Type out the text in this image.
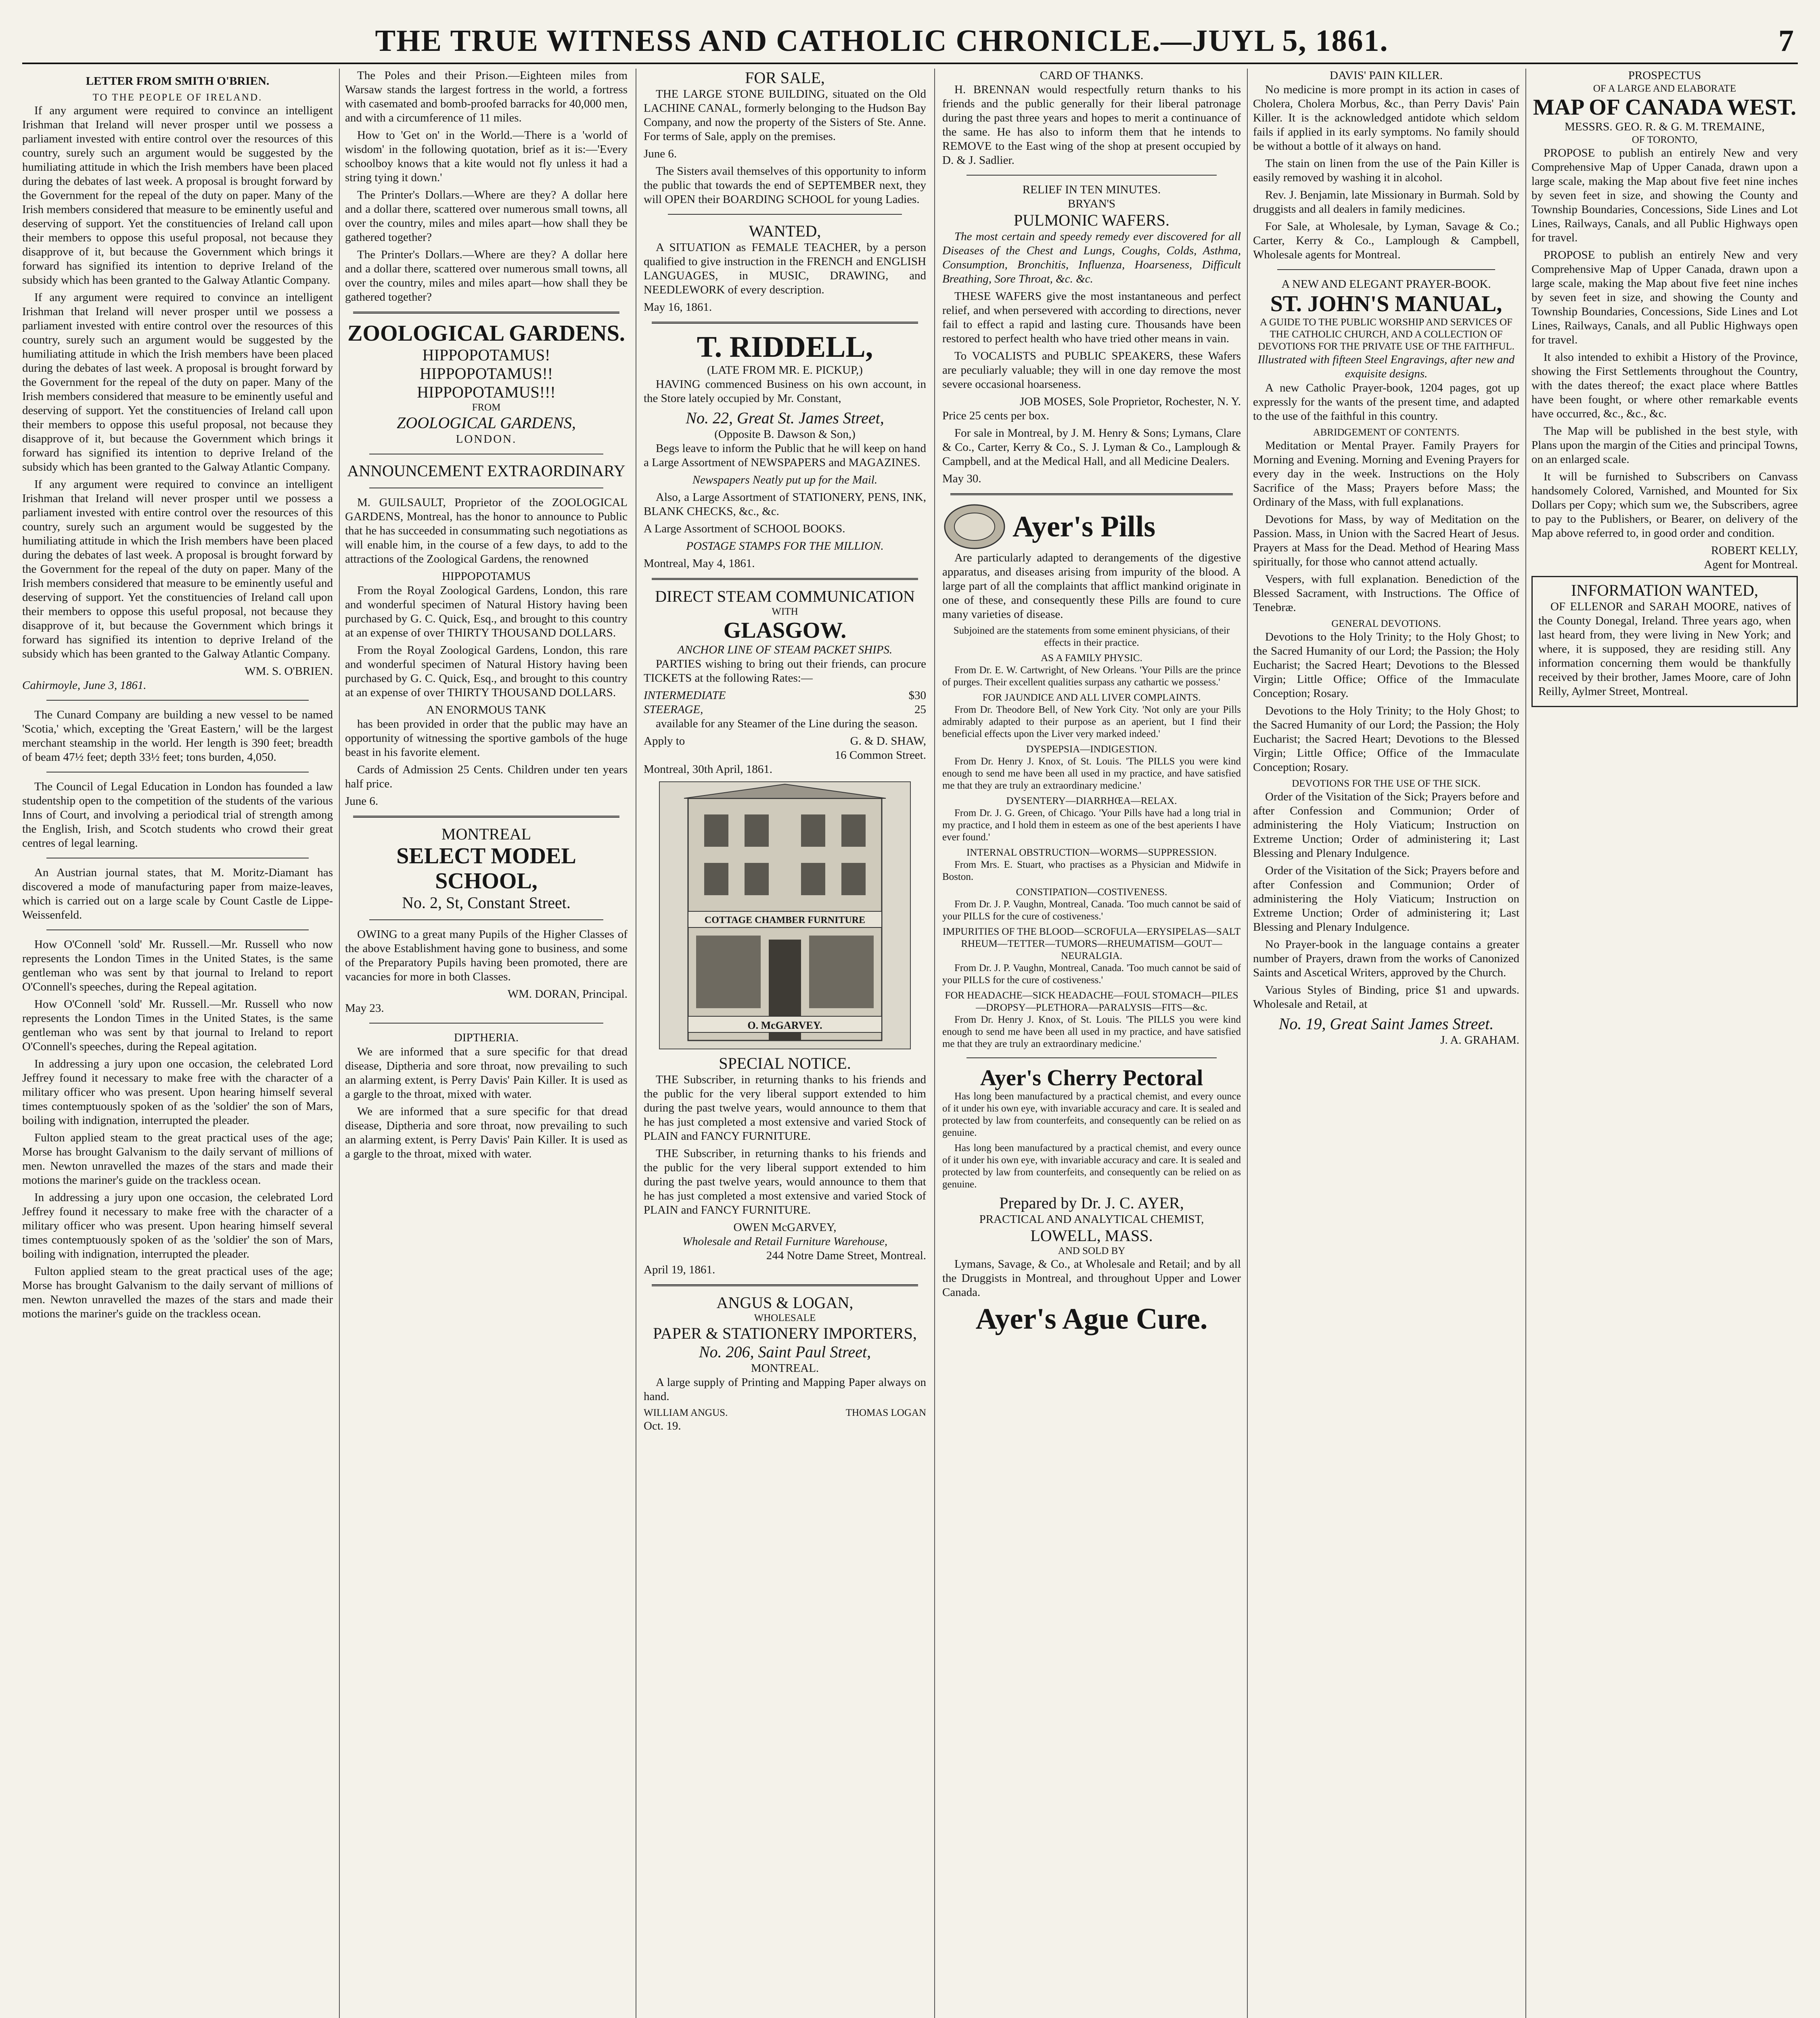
THE TRUE WITNESS AND CATHOLIC CHRONICLE.—JUYL 5, 1861.	7
LETTER FROM SMITH O'BRIEN.
TO THE PEOPLE OF IRELAND.

If any argument were required to convince an intelligent Irishman that Ireland will never prosper until we possess a parliament invested with entire control over the resources of this country, surely such an argument would be suggested by the humiliating attitude in which the Irish members have been placed during the debates of last week. A proposal is brought forward by the Government for the repeal of the duty on paper. Many of the Irish members considered that measure to be eminently useful and deserving of support. Yet the constituencies of Ireland call upon their members to oppose this useful proposal, not because they disapprove of it, but because the Government which brings it forward has signified its intention to deprive Ireland of the subsidy which has been granted to the Galway Atlantic Company.

If any argument were required to convince an intelligent Irishman that Ireland will never prosper until we possess a parliament invested with entire control over the resources of this country, surely such an argument would be suggested by the humiliating attitude in which the Irish members have been placed during the debates of last week. A proposal is brought forward by the Government for the repeal of the duty on paper. Many of the Irish members considered that measure to be eminently useful and deserving of support. Yet the constituencies of Ireland call upon their members to oppose this useful proposal, not because they disapprove of it, but because the Government which brings it forward has signified its intention to deprive Ireland of the subsidy which has been granted to the Galway Atlantic Company.

If any argument were required to convince an intelligent Irishman that Ireland will never prosper until we possess a parliament invested with entire control over the resources of this country, surely such an argument would be suggested by the humiliating attitude in which the Irish members have been placed during the debates of last week. A proposal is brought forward by the Government for the repeal of the duty on paper. Many of the Irish members considered that measure to be eminently useful and deserving of support. Yet the constituencies of Ireland call upon their members to oppose this useful proposal, not because they disapprove of it, but because the Government which brings it forward has signified its intention to deprive Ireland of the subsidy which has been granted to the Galway Atlantic Company.

WM. S. O'BRIEN.

Cahirmoyle, June 3, 1861.

The Cunard Company are building a new vessel to be named 'Scotia,' which, excepting the 'Great Eastern,' will be the largest merchant steamship in the world. Her length is 390 feet; breadth of beam 47½ feet; depth 33½ feet; tons burden, 4,050.

The Council of Legal Education in London has founded a law studentship open to the competition of the students of the various Inns of Court, and involving a periodical trial of strength among the English, Irish, and Scotch students who crowd their great centres of legal learning.

An Austrian journal states, that M. Moritz-Diamant has discovered a mode of manufacturing paper from maize-leaves, which is carried out on a large scale by Count Castle de Lippe-Weissenfeld.

How O'Connell 'sold' Mr. Russell.—Mr. Russell who now represents the London Times in the United States, is the same gentleman who was sent by that journal to Ireland to report O'Connell's speeches, during the Repeal agitation.

How O'Connell 'sold' Mr. Russell.—Mr. Russell who now represents the London Times in the United States, is the same gentleman who was sent by that journal to Ireland to report O'Connell's speeches, during the Repeal agitation.

In addressing a jury upon one occasion, the celebrated Lord Jeffrey found it necessary to make free with the character of a military officer who was present. Upon hearing himself several times contemptuously spoken of as the 'soldier' the son of Mars, boiling with indignation, interrupted the pleader.

Fulton applied steam to the great practical uses of the age; Morse has brought Galvanism to the daily servant of millions of men. Newton unravelled the mazes of the stars and made their motions the mariner's guide on the trackless ocean.

In addressing a jury upon one occasion, the celebrated Lord Jeffrey found it necessary to make free with the character of a military officer who was present. Upon hearing himself several times contemptuously spoken of as the 'soldier' the son of Mars, boiling with indignation, interrupted the pleader.

Fulton applied steam to the great practical uses of the age; Morse has brought Galvanism to the daily servant of millions of men. Newton unravelled the mazes of the stars and made their motions the mariner's guide on the trackless ocean.

The Poles and their Prison.—Eighteen miles from Warsaw stands the largest fortress in the world, a fortress with casemated and bomb-proofed barracks for 40,000 men, and with a circumference of 11 miles.

How to 'Get on' in the World.—There is a 'world of wisdom' in the following quotation, brief as it is:—'Every schoolboy knows that a kite would not fly unless it had a string tying it down.'

The Printer's Dollars.—Where are they? A dollar here and a dollar there, scattered over numerous small towns, all over the country, miles and miles apart—how shall they be gathered together?

The Printer's Dollars.—Where are they? A dollar here and a dollar there, scattered over numerous small towns, all over the country, miles and miles apart—how shall they be gathered together?

ZOOLOGICAL GARDENS.
HIPPOPOTAMUS!
HIPPOPOTAMUS!!
HIPPOPOTAMUS!!!
FROM
ZOOLOGICAL GARDENS,
LONDON.
ANNOUNCEMENT EXTRAORDINARY

M. GUILSAULT, Proprietor of the ZOOLOGICAL GARDENS, Montreal, has the honor to announce to Public that he has succeeded in consummating such negotiations as will enable him, in the course of a few days, to add to the attractions of the Zoological Gardens, the renowned

HIPPOPOTAMUS

From the Royal Zoological Gardens, London, this rare and wonderful specimen of Natural History having been purchased by G. C. Quick, Esq., and brought to this country at an expense of over THIRTY THOUSAND DOLLARS.

From the Royal Zoological Gardens, London, this rare and wonderful specimen of Natural History having been purchased by G. C. Quick, Esq., and brought to this country at an expense of over THIRTY THOUSAND DOLLARS.

AN ENORMOUS TANK

has been provided in order that the public may have an opportunity of witnessing the sportive gambols of the huge beast in his favorite element.

Cards of Admission 25 Cents. Children under ten years half price.

June 6.

MONTREAL
SELECT MODEL SCHOOL,
No. 2, St, Constant Street.

OWING to a great many Pupils of the Higher Classes of the above Establishment having gone to business, and some of the Preparatory Pupils having been promoted, there are vacancies for more in both Classes.

WM. DORAN, Principal.

May 23.

DIPTHERIA.

We are informed that a sure specific for that dread disease, Diptheria and sore throat, now prevailing to such an alarming extent, is Perry Davis' Pain Killer. It is used as a gargle to the throat, mixed with water.

We are informed that a sure specific for that dread disease, Diptheria and sore throat, now prevailing to such an alarming extent, is Perry Davis' Pain Killer. It is used as a gargle to the throat, mixed with water.

FOR SALE,

THE LARGE STONE BUILDING, situated on the Old LACHINE CANAL, formerly belonging to the Hudson Bay Company, and now the property of the Sisters of Ste. Anne. For terms of Sale, apply on the premises.

June 6.

The Sisters avail themselves of this opportunity to inform the public that towards the end of SEPTEMBER next, they will OPEN their BOARDING SCHOOL for young Ladies.

WANTED,

A SITUATION as FEMALE TEACHER, by a person qualified to give instruction in the FRENCH and ENGLISH LANGUAGES, in MUSIC, DRAWING, and NEEDLEWORK of every description.

May 16, 1861.

T. RIDDELL,
(LATE FROM MR. E. PICKUP,)

HAVING commenced Business on his own account, in the Store lately occupied by Mr. Constant,

No. 22, Great St. James Street,
(Opposite B. Dawson & Son,)

Begs leave to inform the Public that he will keep on hand a Large Assortment of NEWSPAPERS and MAGAZINES.

Newspapers Neatly put up for the Mail.

Also, a Large Assortment of STATIONERY, PENS, INK, BLANK CHECKS, &c., &c.

A Large Assortment of SCHOOL BOOKS.

POSTAGE STAMPS FOR THE MILLION.

Montreal, May 4, 1861.

DIRECT STEAM COMMUNICATION
WITH
GLASGOW.
ANCHOR LINE OF STEAM PACKET SHIPS.

PARTIES wishing to bring out their friends, can procure TICKETS at the following Rates:—

INTERMEDIATE	$30
STEERAGE,	25

available for any Steamer of the Line during the season.

Apply to	G. & D. SHAW,
16 Common Street.

Montreal, 30th April, 1861.

COTTAGE CHAMBER FURNITURE
O. McGARVEY.
SPECIAL NOTICE.

THE Subscriber, in returning thanks to his friends and the public for the very liberal support extended to him during the past twelve years, would announce to them that he has just completed a most extensive and varied Stock of PLAIN and FANCY FURNITURE.

THE Subscriber, in returning thanks to his friends and the public for the very liberal support extended to him during the past twelve years, would announce to them that he has just completed a most extensive and varied Stock of PLAIN and FANCY FURNITURE.

OWEN McGARVEY,
Wholesale and Retail Furniture Warehouse,
244 Notre Dame Street, Montreal.

April 19, 1861.

ANGUS & LOGAN,
WHOLESALE
PAPER & STATIONERY IMPORTERS,
No. 206, Saint Paul Street,
MONTREAL.

A large supply of Printing and Mapping Paper always on hand.

WILLIAM ANGUS.	THOMAS LOGAN

Oct. 19.

CARD OF THANKS.

H. BRENNAN would respectfully return thanks to his friends and the public generally for their liberal patronage during the past three years and hopes to merit a continuance of the same. He has also to inform them that he intends to REMOVE to the East wing of the shop at present occupied by D. & J. Sadlier.

RELIEF IN TEN MINUTES.
BRYAN'S
PULMONIC WAFERS.

The most certain and speedy remedy ever discovered for all Diseases of the Chest and Lungs, Coughs, Colds, Asthma, Consumption, Bronchitis, Influenza, Hoarseness, Difficult Breathing, Sore Throat, &c. &c.

THESE WAFERS give the most instantaneous and perfect relief, and when persevered with according to directions, never fail to effect a rapid and lasting cure. Thousands have been restored to perfect health who have tried other means in vain.

To VOCALISTS and PUBLIC SPEAKERS, these Wafers are peculiarly valuable; they will in one day remove the most severe occasional hoarseness.

JOB MOSES, Sole Proprietor, Rochester, N. Y.

Price 25 cents per box.

For sale in Montreal, by J. M. Henry & Sons; Lymans, Clare & Co., Carter, Kerry & Co., S. J. Lyman & Co., Lamplough & Campbell, and at the Medical Hall, and all Medicine Dealers.

May 30.

Ayer's Pills

Are particularly adapted to derangements of the digestive apparatus, and diseases arising from impurity of the blood. A large part of all the complaints that afflict mankind originate in one of these, and consequently these Pills are found to cure many varieties of disease.

Subjoined are the statements from some eminent physicians, of their effects in their practice.

AS A FAMILY PHYSIC.

From Dr. E. W. Cartwright, of New Orleans. 'Your Pills are the prince of purges. Their excellent qualities surpass any cathartic we possess.'

FOR JAUNDICE AND ALL LIVER COMPLAINTS.

From Dr. Theodore Bell, of New York City. 'Not only are your Pills admirably adapted to their purpose as an aperient, but I find their beneficial effects upon the Liver very marked indeed.'

DYSPEPSIA—INDIGESTION.

From Dr. Henry J. Knox, of St. Louis. 'The PILLS you were kind enough to send me have been all used in my practice, and have satisfied me that they are truly an extraordinary medicine.'

DYSENTERY—DIARRHŒA—RELAX.

From Dr. J. G. Green, of Chicago. 'Your Pills have had a long trial in my practice, and I hold them in esteem as one of the best aperients I have ever found.'

INTERNAL OBSTRUCTION—WORMS—SUPPRESSION.

From Mrs. E. Stuart, who practises as a Physician and Midwife in Boston.

CONSTIPATION—COSTIVENESS.

From Dr. J. P. Vaughn, Montreal, Canada. 'Too much cannot be said of your PILLS for the cure of costiveness.'

IMPURITIES OF THE BLOOD—SCROFULA—ERYSIPELAS—SALT RHEUM—TETTER—TUMORS—RHEUMATISM—GOUT—NEURALGIA.

From Dr. J. P. Vaughn, Montreal, Canada. 'Too much cannot be said of your PILLS for the cure of costiveness.'

FOR HEADACHE—SICK HEADACHE—FOUL STOMACH—PILES—DROPSY—PLETHORA—PARALYSIS—FITS—&c.

From Dr. Henry J. Knox, of St. Louis. 'The PILLS you were kind enough to send me have been all used in my practice, and have satisfied me that they are truly an extraordinary medicine.'

Ayer's Cherry Pectoral

Has long been manufactured by a practical chemist, and every ounce of it under his own eye, with invariable accuracy and care. It is sealed and protected by law from counterfeits, and consequently can be relied on as genuine.

Has long been manufactured by a practical chemist, and every ounce of it under his own eye, with invariable accuracy and care. It is sealed and protected by law from counterfeits, and consequently can be relied on as genuine.

Prepared by Dr. J. C. AYER,
PRACTICAL AND ANALYTICAL CHEMIST,
LOWELL, MASS.
AND SOLD BY

Lymans, Savage, & Co., at Wholesale and Retail; and by all the Druggists in Montreal, and throughout Upper and Lower Canada.

Ayer's Ague Cure.
DAVIS' PAIN KILLER.

No medicine is more prompt in its action in cases of Cholera, Cholera Morbus, &c., than Perry Davis' Pain Killer. It is the acknowledged antidote which seldom fails if applied in its early symptoms. No family should be without a bottle of it always on hand.

The stain on linen from the use of the Pain Killer is easily removed by washing it in alcohol.

Rev. J. Benjamin, late Missionary in Burmah. Sold by druggists and all dealers in family medicines.

For Sale, at Wholesale, by Lyman, Savage & Co.; Carter, Kerry & Co., Lamplough & Campbell, Wholesale agents for Montreal.

A NEW AND ELEGANT PRAYER-BOOK.
ST. JOHN'S MANUAL,
A GUIDE TO THE PUBLIC WORSHIP AND SERVICES OF THE CATHOLIC CHURCH, AND A COLLECTION OF DEVOTIONS FOR THE PRIVATE USE OF THE FAITHFUL.
Illustrated with fifteen Steel Engravings, after new and exquisite designs.

A new Catholic Prayer-book, 1204 pages, got up expressly for the wants of the present time, and adapted to the use of the faithful in this country.

ABRIDGEMENT OF CONTENTS.

Meditation or Mental Prayer. Family Prayers for Morning and Evening. Morning and Evening Prayers for every day in the week. Instructions on the Holy Sacrifice of the Mass; Prayers before Mass; the Ordinary of the Mass, with full explanations.

Devotions for Mass, by way of Meditation on the Passion. Mass, in Union with the Sacred Heart of Jesus. Prayers at Mass for the Dead. Method of Hearing Mass spiritually, for those who cannot attend actually.

Vespers, with full explanation. Benediction of the Blessed Sacrament, with Instructions. The Office of Tenebræ.

GENERAL DEVOTIONS.

Devotions to the Holy Trinity; to the Holy Ghost; to the Sacred Humanity of our Lord; the Passion; the Holy Eucharist; the Sacred Heart; Devotions to the Blessed Virgin; Little Office; Office of the Immaculate Conception; Rosary.

Devotions to the Holy Trinity; to the Holy Ghost; to the Sacred Humanity of our Lord; the Passion; the Holy Eucharist; the Sacred Heart; Devotions to the Blessed Virgin; Little Office; Office of the Immaculate Conception; Rosary.

DEVOTIONS FOR THE USE OF THE SICK.

Order of the Visitation of the Sick; Prayers before and after Confession and Communion; Order of administering the Holy Viaticum; Instruction on Extreme Unction; Order of administering it; Last Blessing and Plenary Indulgence.

Order of the Visitation of the Sick; Prayers before and after Confession and Communion; Order of administering the Holy Viaticum; Instruction on Extreme Unction; Order of administering it; Last Blessing and Plenary Indulgence.

No Prayer-book in the language contains a greater number of Prayers, drawn from the works of Canonized Saints and Ascetical Writers, approved by the Church.

Various Styles of Binding, price $1 and upwards. Wholesale and Retail, at

No. 19, Great Saint James Street.
J. A. GRAHAM.
PROSPECTUS
OF A LARGE AND ELABORATE
MAP OF CANADA WEST.
MESSRS. GEO. R. & G. M. TREMAINE,
OF TORONTO,

PROPOSE to publish an entirely New and very Comprehensive Map of Upper Canada, drawn upon a large scale, making the Map about five feet nine inches by seven feet in size, and showing the County and Township Boundaries, Concessions, Side Lines and Lot Lines, Railways, Canals, and all Public Highways open for travel.

PROPOSE to publish an entirely New and very Comprehensive Map of Upper Canada, drawn upon a large scale, making the Map about five feet nine inches by seven feet in size, and showing the County and Township Boundaries, Concessions, Side Lines and Lot Lines, Railways, Canals, and all Public Highways open for travel.

It also intended to exhibit a History of the Province, showing the First Settlements throughout the Country, with the dates thereof; the exact place where Battles have been fought, or where other remarkable events have occurred, &c., &c., &c.

The Map will be published in the best style, with Plans upon the margin of the Cities and principal Towns, on an enlarged scale.

It will be furnished to Subscribers on Canvass handsomely Colored, Varnished, and Mounted for Six Dollars per Copy; which sum we, the Subscribers, agree to pay to the Publishers, or Bearer, on delivery of the Map above referred to, in good order and condition.

ROBERT KELLY,
Agent for Montreal.
INFORMATION WANTED,

OF ELLENOR and SARAH MOORE, natives of the County Donegal, Ireland. Three years ago, when last heard from, they were living in New York; and where, it is supposed, they are residing still. Any information concerning them would be thankfully received by their brother, James Moore, care of John Reilly, Aylmer Street, Montreal.
